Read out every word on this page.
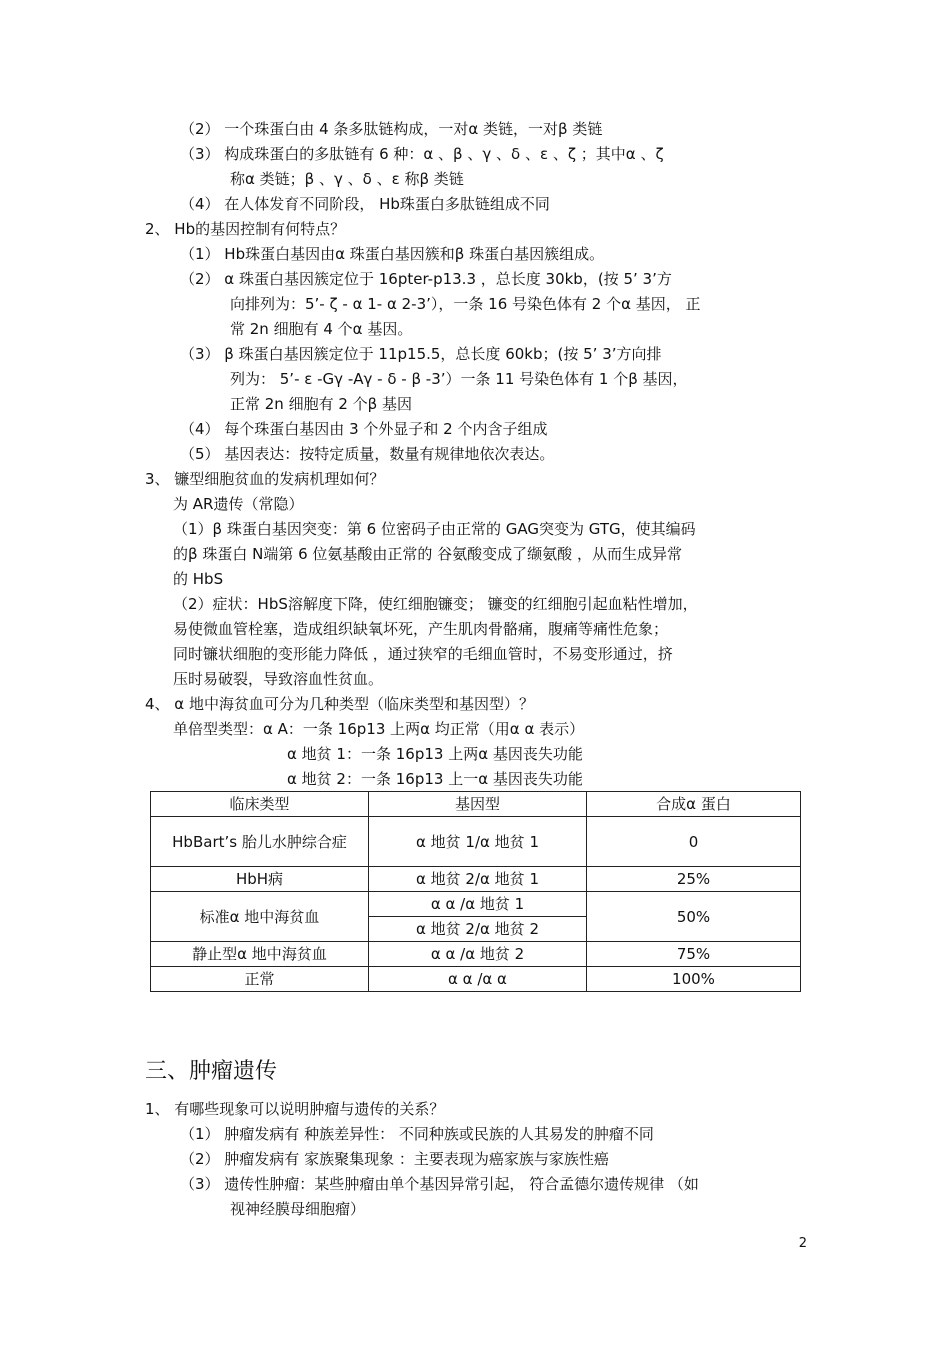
（2） 一个珠蛋白由 4 条多肽链构成，一对α 类链，一对β 类链
（3） 构成珠蛋白的多肽链有 6 种：α 、β 、γ 、δ 、ε 、ζ ；其中α 、ζ
称α 类链；β 、γ 、δ 、ε 称β 类链
（4） 在人体发育不同阶段， Hb珠蛋白多肽链组成不同
2、 Hb的基因控制有何特点？
（1） Hb珠蛋白基因由α 珠蛋白基因簇和β 珠蛋白基因簇组成。
（2） α 珠蛋白基因簇定位于 16pter-p13.3 ，总长度 30kb，(按 5’ 3’方
向排列为：5’- ζ - α 1- α 2-3’），一条 16 号染色体有 2 个α 基因， 正
常 2n 细胞有 4 个α 基因。
（3） β 珠蛋白基因簇定位于 11p15.5，总长度 60kb；(按 5’ 3’方向排
列为： 5’- ε -Gγ -Aγ - δ - β -3’）一条 11 号染色体有 1 个β 基因，
正常 2n 细胞有 2 个β 基因
（4） 每个珠蛋白基因由 3 个外显子和 2 个内含子组成
（5） 基因表达：按特定质量，数量有规律地依次表达。
3、 镰型细胞贫血的发病机理如何？
为 AR遗传（常隐）
（1）β 珠蛋白基因突变：第 6 位密码子由正常的 GAG突变为 GTG，使其编码
的β 珠蛋白 N端第 6 位氨基酸由正常的 谷氨酸变成了缬氨酸 ，从而生成异常
的 HbS
（2）症状：HbS溶解度下降，使红细胞镰变； 镰变的红细胞引起血粘性增加，
易使微血管栓塞，造成组织缺氧坏死，产生肌肉骨骼痛，腹痛等痛性危象；
同时镰状细胞的变形能力降低 ，通过狭窄的毛细血管时，不易变形通过，挤
压时易破裂，导致溶血性贫血。
4、 α 地中海贫血可分为几种类型（临床类型和基因型）？
单倍型类型：α A：一条 16p13 上两α 均正常（用α α 表示）
α 地贫 1：一条 16p13 上两α 基因丧失功能
α 地贫 2：一条 16p13 上一α 基因丧失功能
临床类型	基因型	合成α 蛋白
HbBart’s 胎儿水肿综合症	α 地贫 1/α 地贫 1	0
HbH病	α 地贫 2/α 地贫 1	25%
标准α 地中海贫血	α α /α 地贫 1	50%
	α 地贫 2/α 地贫 2	
静止型α 地中海贫血	α α /α 地贫 2	75%
正常	α α /α α	100%
三、肿瘤遗传
1、 有哪些现象可以说明肿瘤与遗传的关系？
（1） 肿瘤发病有 种族差异性： 不同种族或民族的人其易发的肿瘤不同
（2） 肿瘤发病有 家族聚集现象 ：主要表现为癌家族与家族性癌
（3） 遗传性肿瘤：某些肿瘤由单个基因异常引起， 符合孟德尔遗传规律 （如
视神经膜母细胞瘤）
2
